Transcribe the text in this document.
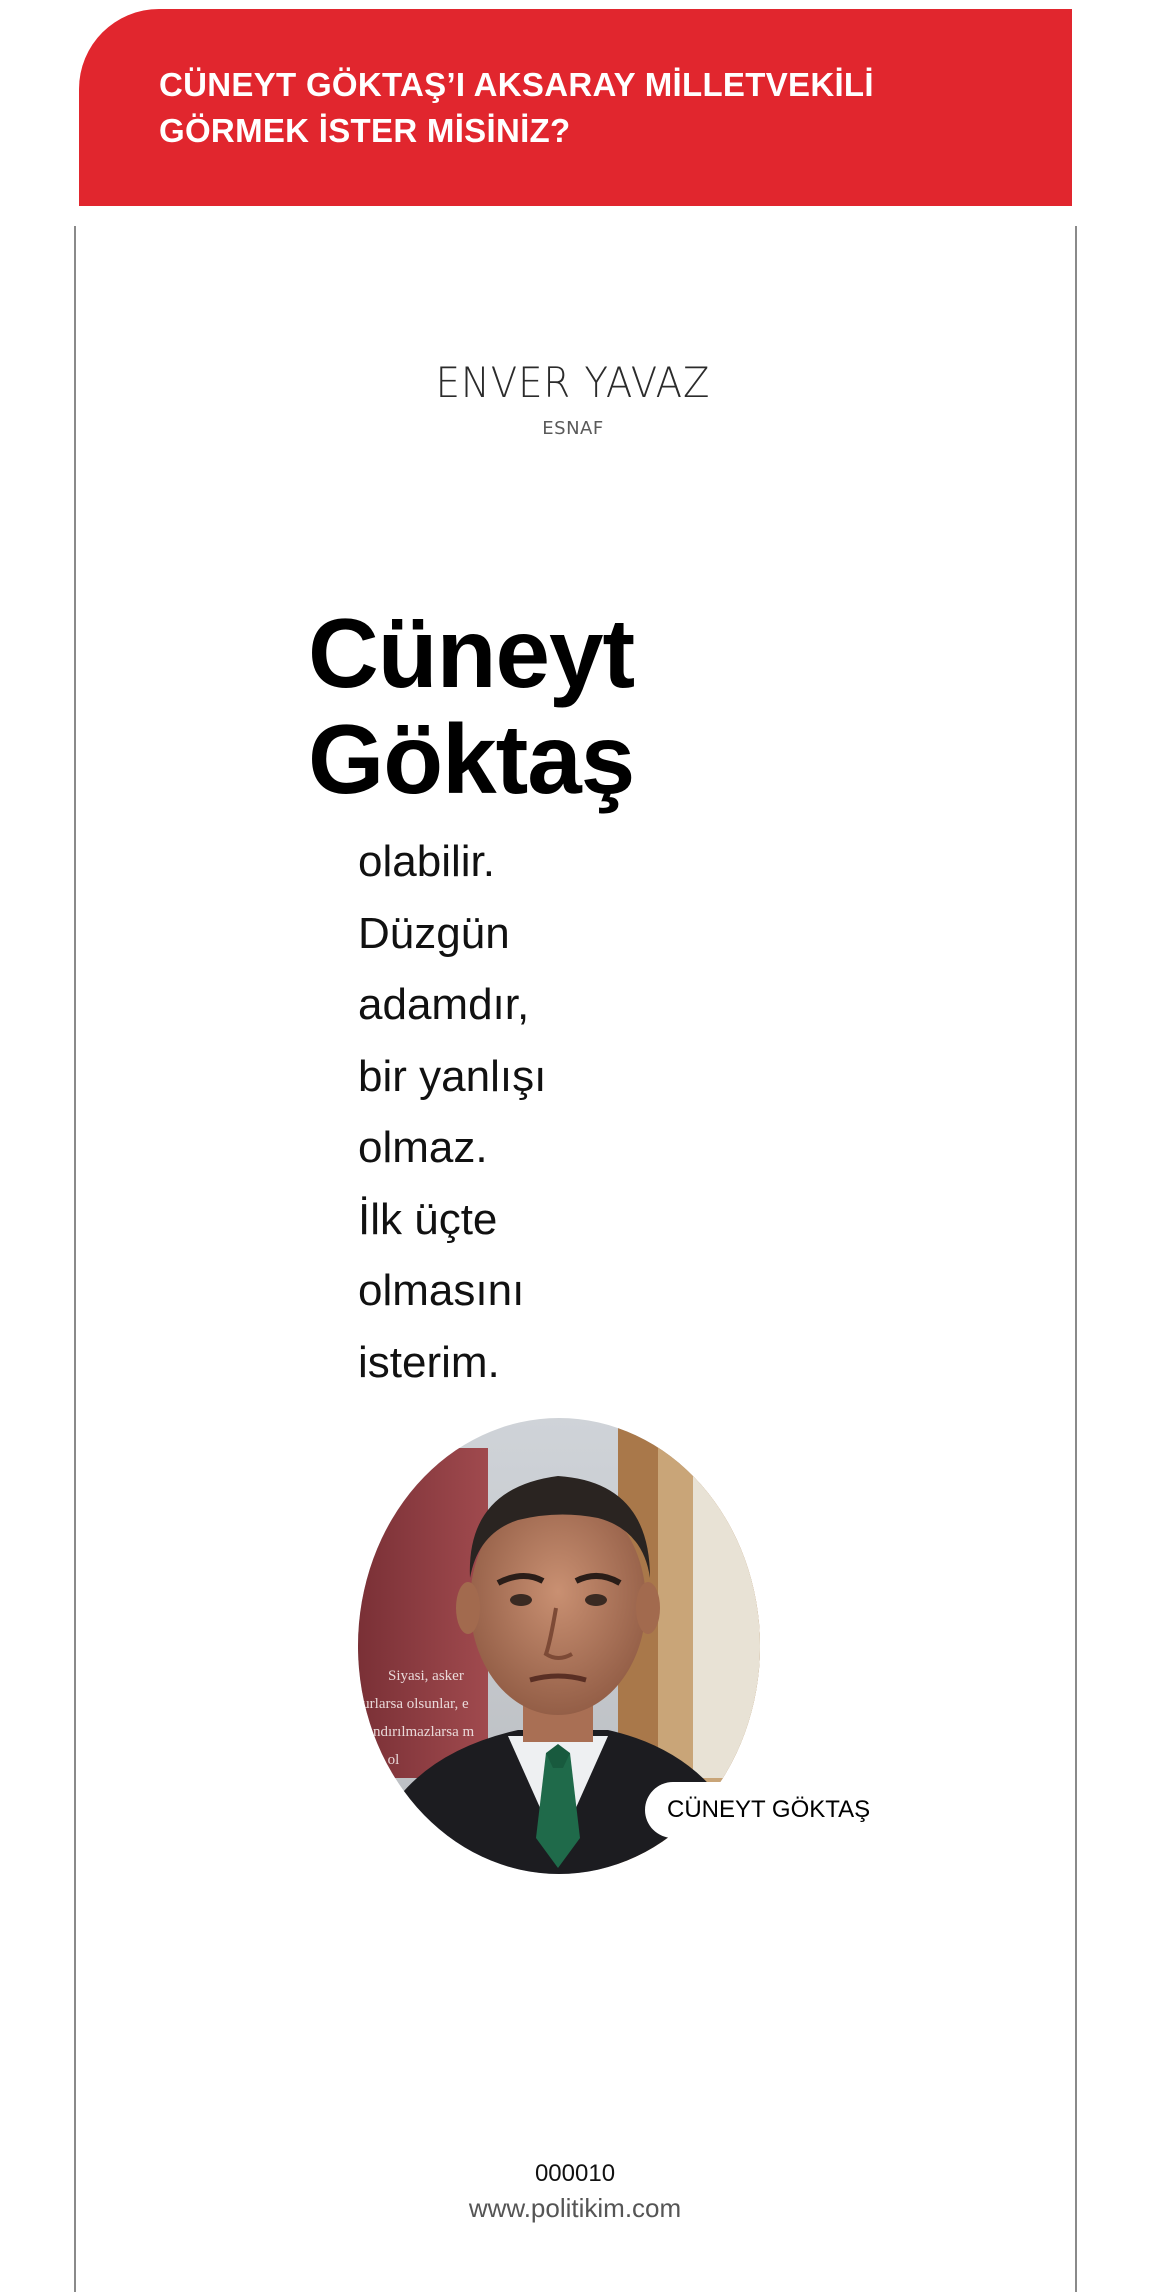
CÜNEYT GÖKTAŞ’I AKSARAY MİLLETVEKİLİ
GÖRMEK İSTER MİSİNİZ?
ENVER YAVAZ
ESNAF
Cüneyt
Göktaş
olabilir.
Düzgün
adamdır,
bir yanlışı
olmaz.
İlk üçte
olmasını
isterim.
Siyasi, asker
lurlarsa olsunlar, e
ılandırılmazlarsa m
nlı ol
CÜNEYT GÖKTAŞ
000010
www.politikim.com
